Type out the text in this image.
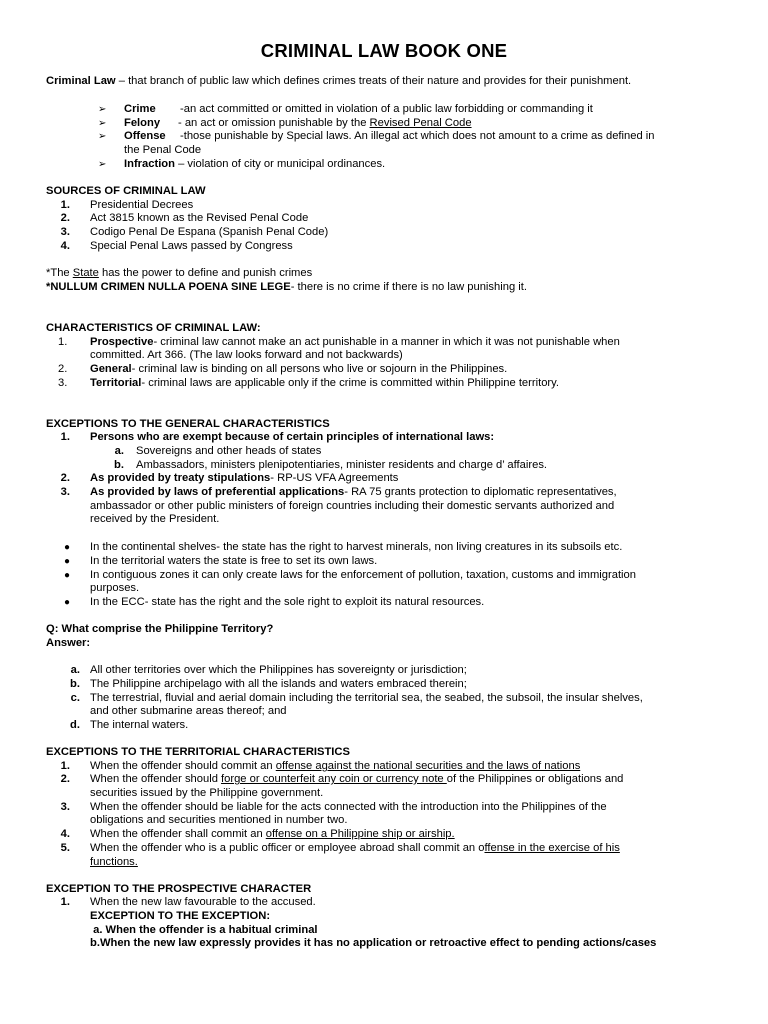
CRIMINAL LAW BOOK ONE
Criminal Law – that branch of public law which defines crimes treats of their nature and provides for their punishment.
➢ Crime -an act committed or omitted in violation of a public law forbidding or commanding it
➢ Felony - an act or omission punishable by the Revised Penal Code
➢ Offense -those punishable by Special laws. An illegal act which does not amount to a crime as defined in
the Penal Code
➢ Infraction – violation of city or municipal ordinances.
SOURCES OF CRIMINAL LAW
1. Presidential Decrees
2. Act 3815 known as the Revised Penal Code
3. Codigo Penal De Espana (Spanish Penal Code)
4. Special Penal Laws passed by Congress
*The State has the power to define and punish crimes
*NULLUM CRIMEN NULLA POENA SINE LEGE- there is no crime if there is no law punishing it.
CHARACTERISTICS OF CRIMINAL LAW:
1. Prospective- criminal law cannot make an act punishable in a manner in which it was not punishable when
committed. Art 366. (The law looks forward and not backwards)
2. General- criminal law is binding on all persons who live or sojourn in the Philippines.
3. Territorial- criminal laws are applicable only if the crime is committed within Philippine territory.
EXCEPTIONS TO THE GENERAL CHARACTERISTICS
1. Persons who are exempt because of certain principles of international laws:
a. Sovereigns and other heads of states
b. Ambassadors, ministers plenipotentiaries, minister residents and charge d’ affaires.
2. As provided by treaty stipulations- RP-US VFA Agreements
3. As provided by laws of preferential applications- RA 75 grants protection to diplomatic representatives,
ambassador or other public ministers of foreign countries including their domestic servants authorized and
received by the President.
● In the continental shelves- the state has the right to harvest minerals, non living creatures in its subsoils etc.
● In the territorial waters the state is free to set its own laws.
● In contiguous zones it can only create laws for the enforcement of pollution, taxation, customs and immigration
purposes.
● In the ECC- state has the right and the sole right to exploit its natural resources.
Q: What comprise the Philippine Territory?
Answer:
a. All other territories over which the Philippines has sovereignty or jurisdiction;
b. The Philippine archipelago with all the islands and waters embraced therein;
c. The terrestrial, fluvial and aerial domain including the territorial sea, the seabed, the subsoil, the insular shelves,
and other submarine areas thereof; and
d. The internal waters.
EXCEPTIONS TO THE TERRITORIAL CHARACTERISTICS
1. When the offender should commit an offense against the national securities and the laws of nations
2. When the offender should forge or counterfeit any coin or currency note of the Philippines or obligations and
securities issued by the Philippine government.
3. When the offender should be liable for the acts connected with the introduction into the Philippines of the
obligations and securities mentioned in number two.
4. When the offender shall commit an offense on a Philippine ship or airship.
5. When the offender who is a public officer or employee abroad shall commit an offense in the exercise of his
functions.
EXCEPTION TO THE PROSPECTIVE CHARACTER
1. When the new law favourable to the accused.
EXCEPTION TO THE EXCEPTION:
a. When the offender is a habitual criminal
b.When the new law expressly provides it has no application or retroactive effect to pending actions/cases
